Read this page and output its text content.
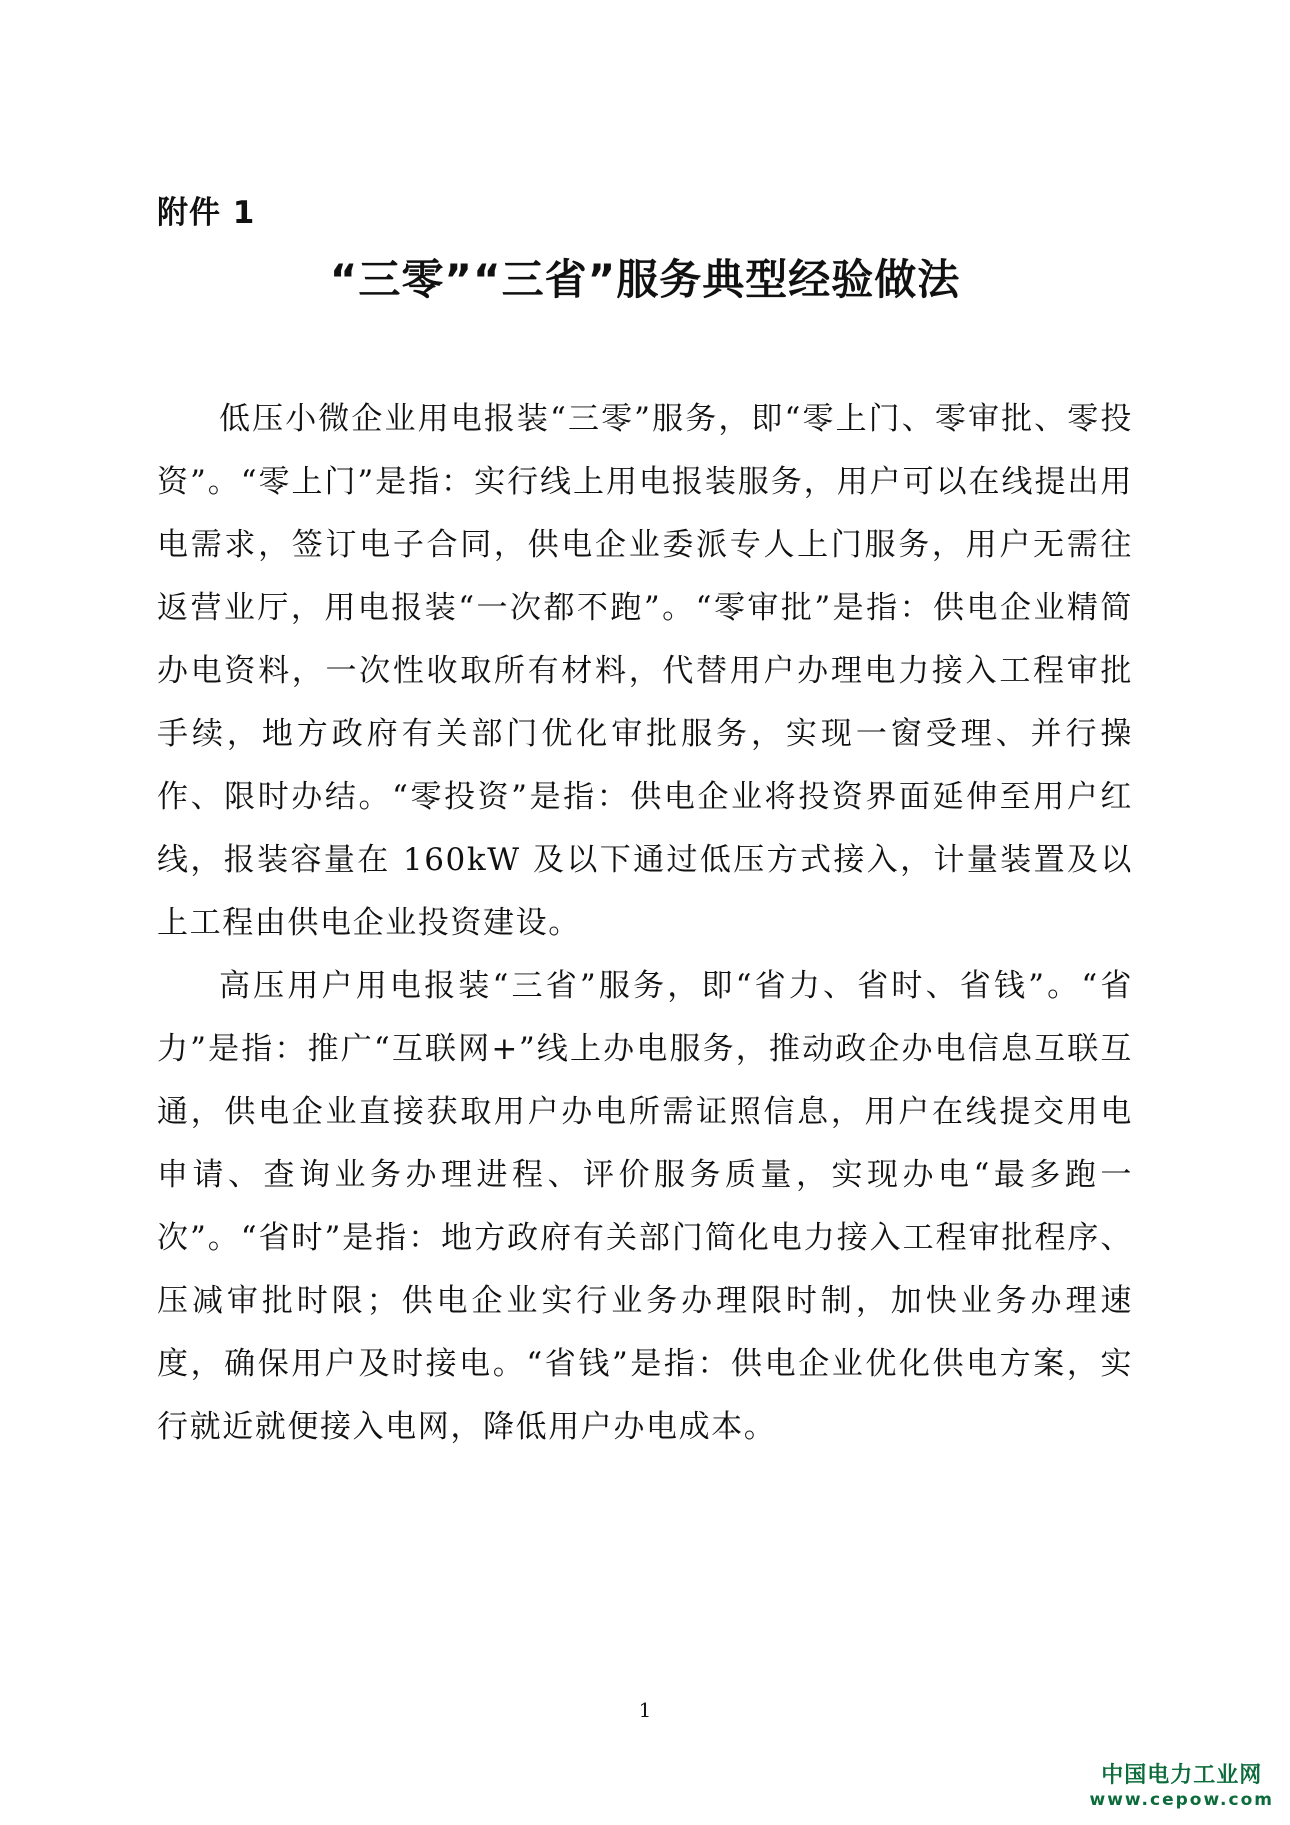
附件 1
“三零”“三省”服务典型经验做法

低压小微企业用电报装“三零”服务，即“零上门、零审批、零投资”。“零上门”是指：实行线上用电报装服务，用户可以在线提出用电需求，签订电子合同，供电企业委派专人上门服务，用户无需往返营业厅，用电报装“一次都不跑”。“零审批”是指：供电企业精简办电资料，一次性收取所有材料，代替用户办理电力接入工程审批手续，地方政府有关部门优化审批服务，实现一窗受理、并行操作、限时办结。“零投资”是指：供电企业将投资界面延伸至用户红线，报装容量在 160kW 及以下通过低压方式接入，计量装置及以上工程由供电企业投资建设。

高压用户用电报装“三省”服务，即“省力、省时、省钱”。“省力”是指：推广“互联网+”线上办电服务，推动政企办电信息互联互通，供电企业直接获取用户办电所需证照信息，用户在线提交用电申请、查询业务办理进程、评价服务质量，实现办电“最多跑一次”。“省时”是指：地方政府有关部门简化电力接入工程审批程序、压减审批时限；供电企业实行业务办理限时制，加快业务办理速度，确保用户及时接电。“省钱”是指：供电企业优化供电方案，实行就近就便接入电网，降低用户办电成本。

1
中国电力工业网
www.cepow.com
